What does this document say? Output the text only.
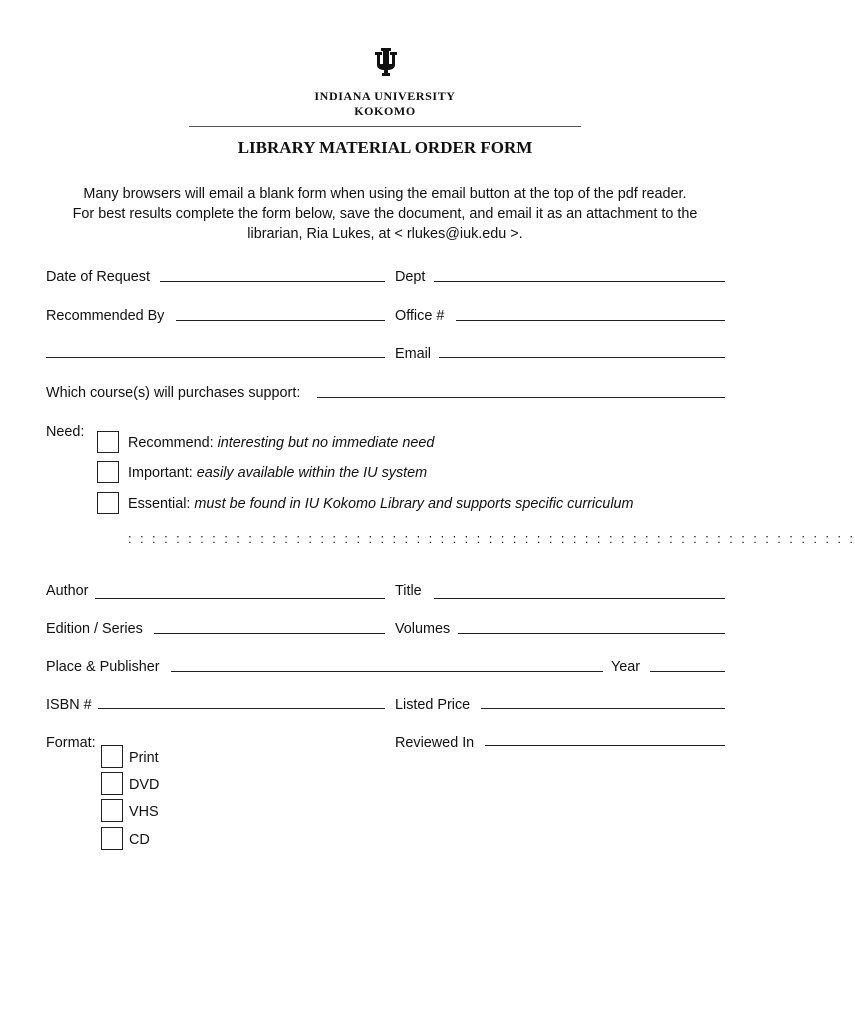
INDIANA UNIVERSITY
KOKOMO
LIBRARY MATERIAL ORDER FORM
Many browsers will email a blank form when using the email button at the top of the pdf reader.
For best results complete the form below, save the document, and email it as an attachment to the
librarian, Ria Lukes, at < rlukes@iuk.edu >.
Date of Request	Dept
Recommended By	Office #
Email
Which course(s) will purchases support:
Need:
Recommend: interesting but no immediate need
Important: easily available within the IU system
Essential: must be found in IU Kokomo Library and supports specific curriculum
: : : : : : : : : : : : : : : : : : : : : : : : : : : : : : : : : : : : : : : : : : : : : : : : : : : : : : : : : : : : :
Author	Title
Edition / Series	Volumes
Place & Publisher	Year
ISBN #	Listed Price
Format:	Reviewed In
Print
DVD
VHS
CD
